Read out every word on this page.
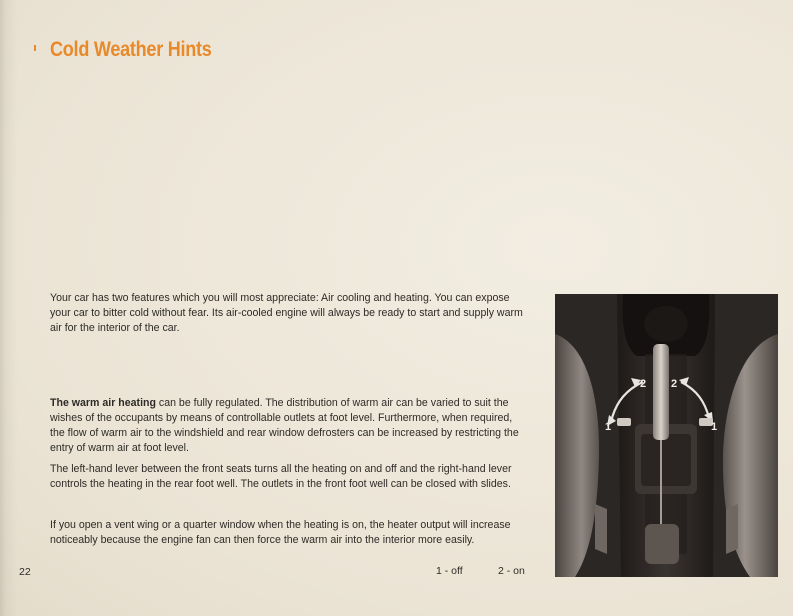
Cold Weather Hints

Your car has two features which you will most appreciate: Air cooling and heating. You can expose your car to bitter cold without fear. Its air-cooled engine will always be ready to start and supply warm air for the interior of the car.

The warm air heating can be fully regulated. The distribution of warm air can be varied to suit the wishes of the occupants by means of controllable outlets at foot level. Furthermore, when required, the flow of warm air to the windshield and rear window defrosters can be increased by restricting the entry of warm air at foot level.

The left-hand lever between the front seats turns all the heating on and off and the right-hand lever controls the heating in the rear foot well. The outlets in the front foot well can be closed with slides.

If you open a vent wing or a quarter window when the heating is on, the heater output will increase noticeably because the engine fan can then force the warm air into the interior more easily.

22	1 - off	2 - on
2 2
1	1
